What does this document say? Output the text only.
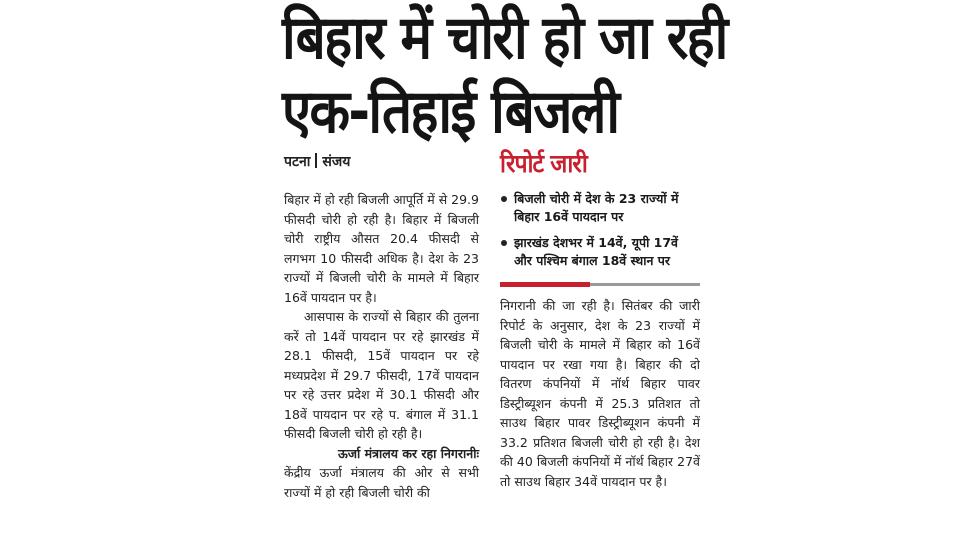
बिहार में चोरी हो जा रही
एक-तिहाई बिजली
पटना संजय	रिपोर्ट जारी
बिजली चोरी में देश के 23 राज्यों में बिहार 16वें पायदान पर
झारखंड देशभर में 14वें, यूपी 17वें और पश्चिम बंगाल 18वें स्थान पर

बिहार में हो रही बिजली आपूर्ति में से 29.9 फीसदी चोरी हो रही है। बिहार में बिजली चोरी राष्ट्रीय औसत 20.4 फीसदी से लगभग 10 फीसदी अधिक है। देश के 23 राज्यों में बिजली चोरी के मामले में बिहार 16वें पायदान पर है।

आसपास के राज्यों से बिहार की तुलना करें तो 14वें पायदान पर रहे झारखंड में 28.1 फीसदी, 15वें पायदान पर रहे मध्यप्रदेश में 29.7 फीसदी, 17वें पायदान पर रहे उत्तर प्रदेश में 30.1 फीसदी और 18वें पायदान पर रहे प. बंगाल में 31.1 फीसदी बिजली चोरी हो रही है।

ऊर्जा मंत्रालय कर रहा निगरानीः

केंद्रीय ऊर्जा मंत्रालय की ओर से सभी राज्यों में हो रही बिजली चोरी की

निगरानी की जा रही है। सितंबर की जारी रिपोर्ट के अनुसार, देश के 23 राज्यों में बिजली चोरी के मामले में बिहार को 16वें पायदान पर रखा गया है। बिहार की दो वितरण कंपनियों में नॉर्थ बिहार पावर डिस्ट्रीब्यूशन कंपनी में 25.3 प्रतिशत तो साउथ बिहार पावर डिस्ट्रीब्यूशन कंपनी में 33.2 प्रतिशत बिजली चोरी हो रही है। देश की 40 बिजली कंपनियों में नॉर्थ बिहार 27वें तो साउथ बिहार 34वें पायदान पर है।
